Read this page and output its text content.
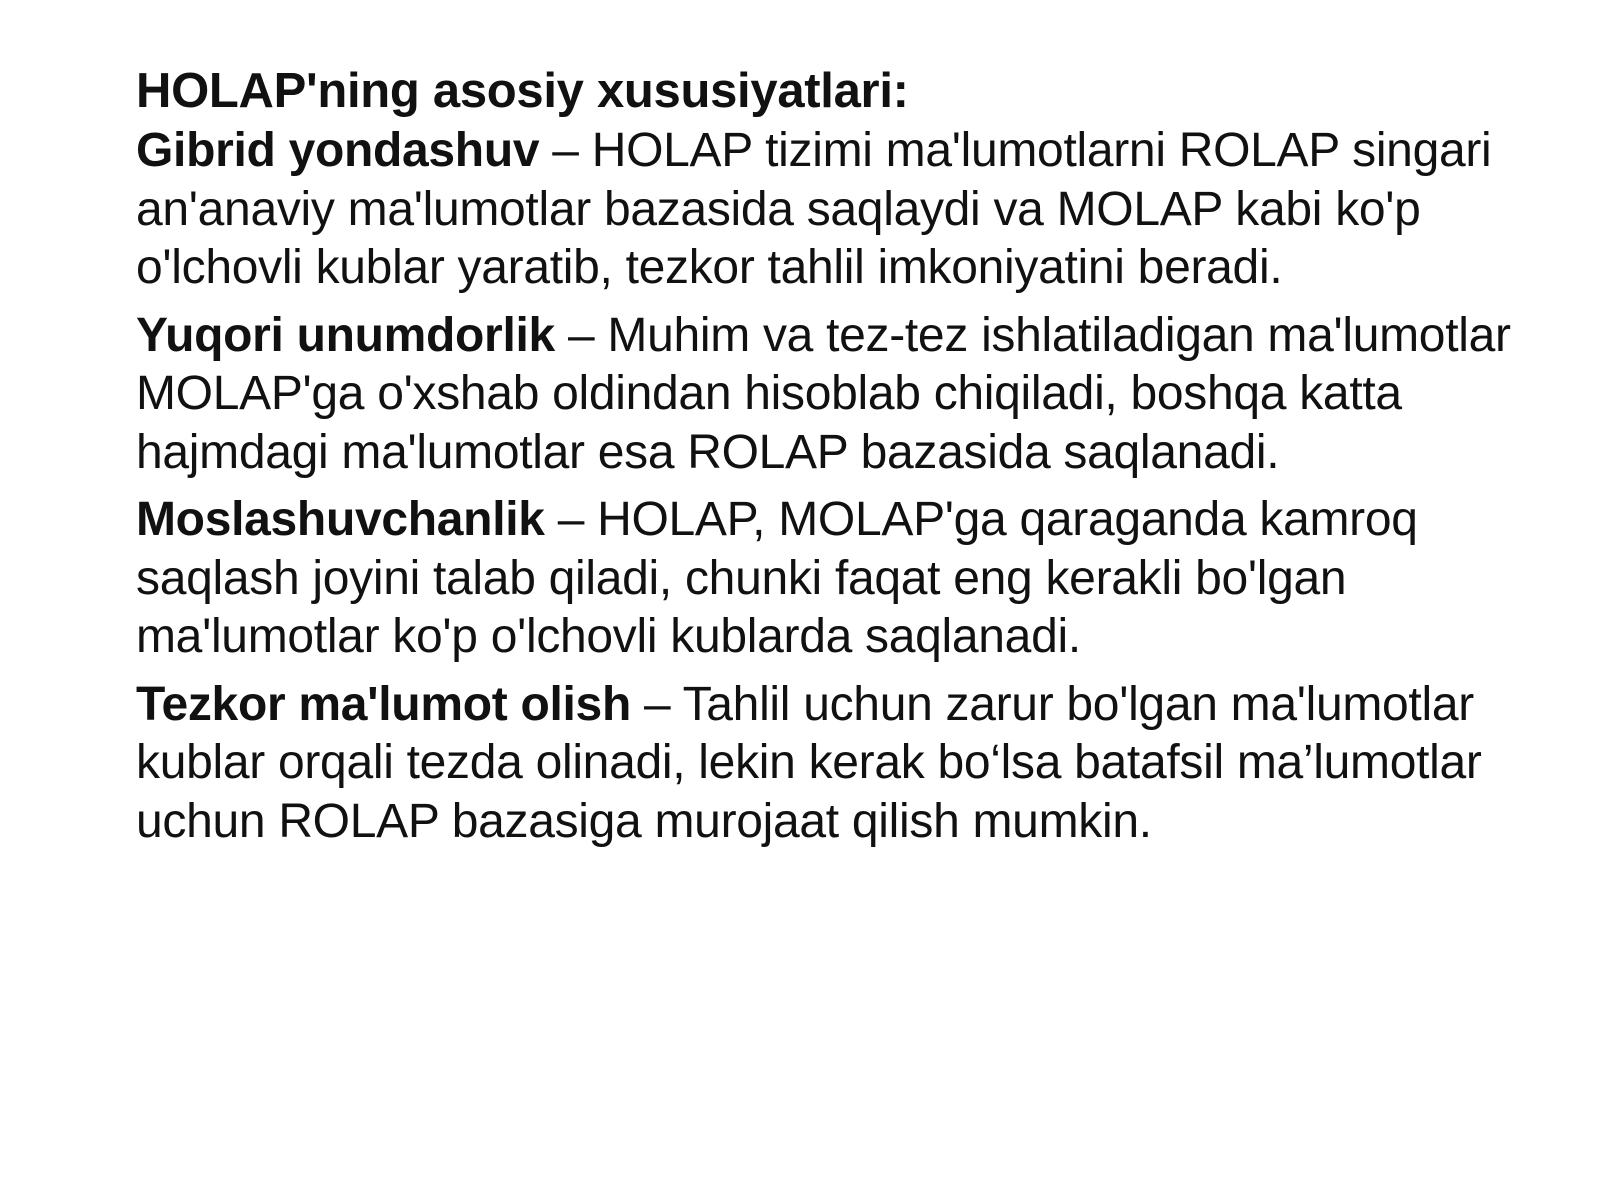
HOLAP'ning asosiy xususiyatlari:
Gibrid yondashuv – HOLAP tizimi ma'lumotlarni ROLAP singari an'anaviy ma'lumotlar bazasida saqlaydi va MOLAP kabi ko'p o'lchovli kublar yaratib, tezkor tahlil imkoniyatini beradi.
Yuqori unumdorlik – Muhim va tez-tez ishlatiladigan ma'lumotlar MOLAP'ga o'xshab oldindan hisoblab chiqiladi, boshqa katta hajmdagi ma'lumotlar esa ROLAP bazasida saqlanadi.
Moslashuvchanlik – HOLAP, MOLAP'ga qaraganda kamroq saqlash joyini talab qiladi, chunki faqat eng kerakli bo'lgan ma'lumotlar ko'p o'lchovli kublarda saqlanadi.
Tezkor ma'lumot olish – Tahlil uchun zarur bo'lgan ma'lumotlar kublar orqali tezda olinadi, lekin kerak bo‘lsa batafsil ma’lumotlar uchun ROLAP bazasiga murojaat qilish mumkin.
